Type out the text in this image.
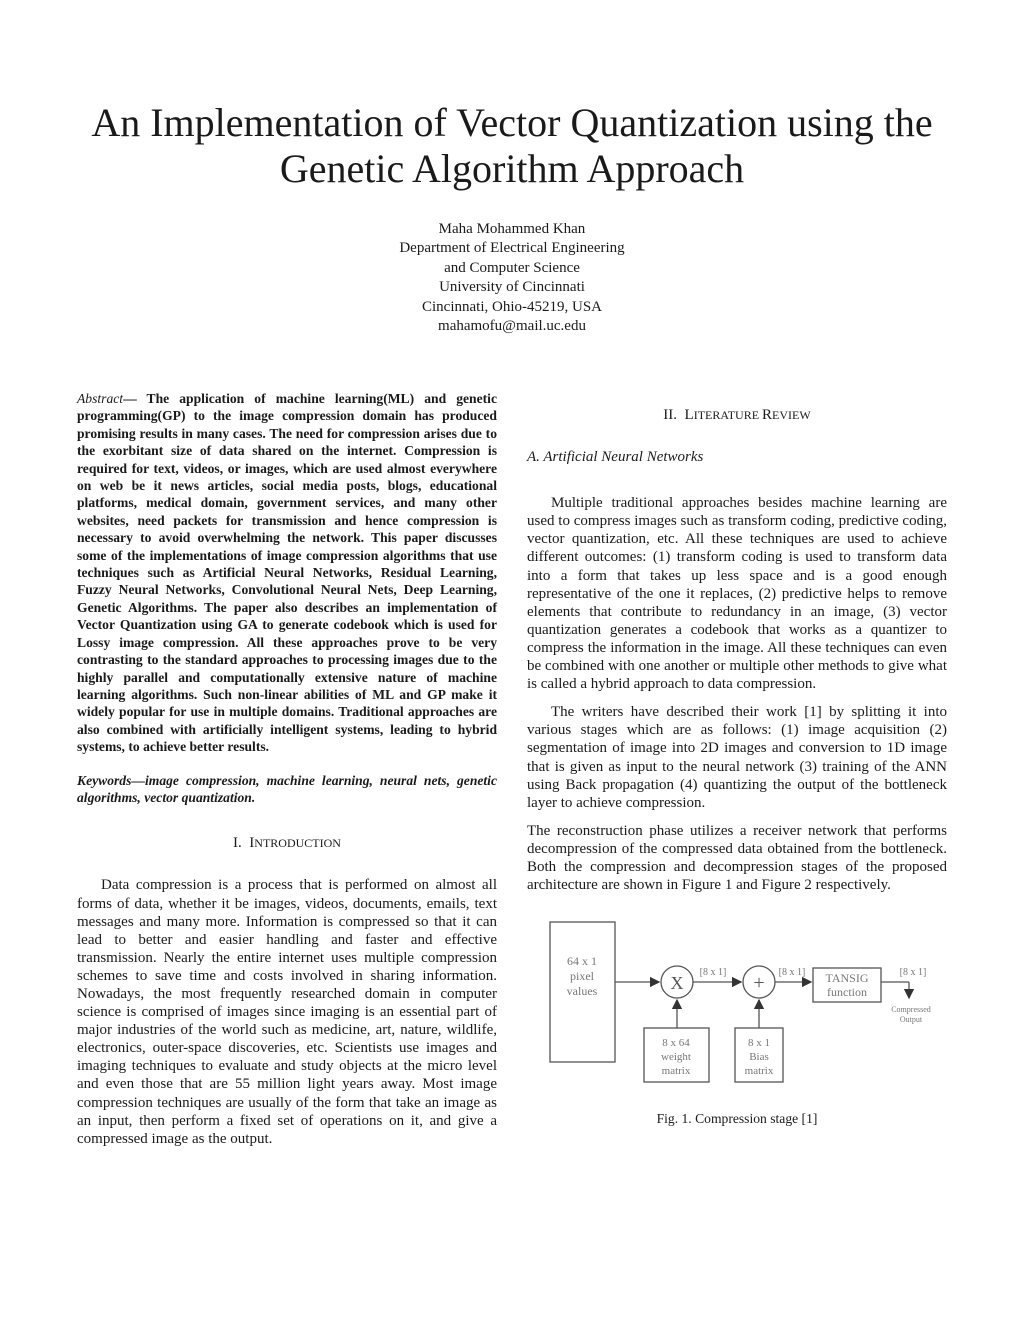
An Implementation of Vector Quantization using the
Genetic Algorithm Approach
Maha Mohammed Khan
Department of Electrical Engineering
and Computer Science
University of Cincinnati
Cincinnati, Ohio-45219, USA
mahamofu@mail.uc.edu

Abstract— The application of machine learning(ML) and genetic programming(GP) to the image compression domain has produced promising results in many cases. The need for compression arises due to the exorbitant size of data shared on the internet. Compression is required for text, videos, or images, which are used almost everywhere on web be it news articles, social media posts, blogs, educational platforms, medical domain, government services, and many other websites, need packets for transmission and hence compression is necessary to avoid overwhelming the network. This paper discusses some of the implementations of image compression algorithms that use techniques such as Artificial Neural Networks, Residual Learning, Fuzzy Neural Networks, Convolutional Neural Nets, Deep Learning, Genetic Algorithms. The paper also describes an implementation of Vector Quantization using GA to generate codebook which is used for Lossy image compression. All these approaches prove to be very contrasting to the standard approaches to processing images due to the highly parallel and computationally extensive nature of machine learning algorithms. Such non-linear abilities of ML and GP make it widely popular for use in multiple domains. Traditional approaches are also combined with artificially intelligent systems, leading to hybrid systems, to achieve better results.

Keywords—image compression, machine learning, neural nets, genetic algorithms, vector quantization.

I. INTRODUCTION

Data compression is a process that is performed on almost all forms of data, whether it be images, videos, documents, emails, text messages and many more. Information is compressed so that it can lead to better and easier handling and faster and effective transmission. Nearly the entire internet uses multiple compression schemes to save time and costs involved in sharing information. Nowadays, the most frequently researched domain in computer science is comprised of images since imaging is an essential part of major industries of the world such as medicine, art, nature, wildlife, electronics, outer-space discoveries, etc. Scientists use images and imaging techniques to evaluate and study objects at the micro level and even those that are 55 million light years away. Most image compression techniques are usually of the form that take an image as an input, then perform a fixed set of operations on it, and give a compressed image as the output.

II. LITERATURE REVIEW
A. Artificial Neural Networks

Multiple traditional approaches besides machine learning are used to compress images such as transform coding, predictive coding, vector quantization, etc. All these techniques are used to achieve different outcomes: (1) transform coding is used to transform data into a form that takes up less space and is a good enough representative of the one it replaces, (2) predictive helps to remove elements that contribute to redundancy in an image, (3) vector quantization generates a codebook that works as a quantizer to compress the information in the image. All these techniques can even be combined with one another or multiple other methods to give what is called a hybrid approach to data compression.

The writers have described their work [1] by splitting it into various stages which are as follows: (1) image acquisition (2) segmentation of image into 2D images and conversion to 1D image that is given as input to the neural network (3) training of the ANN using Back propagation (4) quantizing the output of the bottleneck layer to achieve compression.

The reconstruction phase utilizes a receiver network that performs decompression of the compressed data obtained from the bottleneck. Both the compression and decompression stages of the proposed architecture are shown in Figure 1 and Figure 2 respectively.

64 x 1
pixel
values	X	+
[8 x 1]	[8 x 1]	[8 x 1]
TANSIG
function
8 x 64
weight
matrix
8 x 1
Bias
matrix
Compressed
Output
Fig. 1. Compression stage [1]
